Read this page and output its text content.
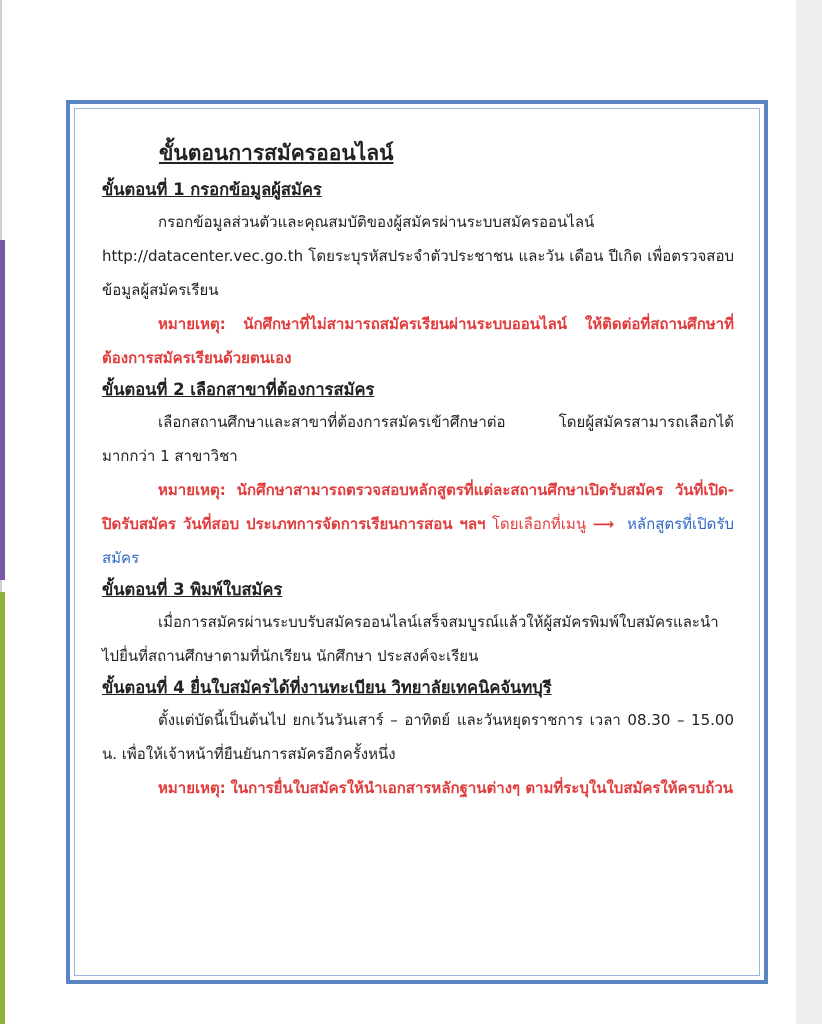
ขั้นตอนการสมัครออนไลน์
ขั้นตอนที่ 1 กรอกข้อมูลผู้สมัคร

กรอกข้อมูลส่วนตัวและคุณสมบัติของผู้สมัครผ่านระบบสมัครออนไลน์ http://datacenter.vec.go.th โดยระบุรหัสประจำตัวประชาชน และวัน เดือน ปีเกิด เพื่อตรวจสอบข้อมูลผู้สมัครเรียน

หมายเหตุ: นักศึกษาที่ไม่สามารถสมัครเรียนผ่านระบบออนไลน์ ให้ติดต่อที่สถานศึกษาที่ต้องการสมัครเรียนด้วยตนเอง

ขั้นตอนที่ 2 เลือกสาขาที่ต้องการสมัคร

เลือกสถานศึกษาและสาขาที่ต้องการสมัครเข้าศึกษาต่อ โดยผู้สมัครสามารถเลือกได้มากกว่า 1 สาขาวิชา

หมายเหตุ: นักศึกษาสามารถตรวจสอบหลักสูตรที่แต่ละสถานศึกษาเปิดรับสมัคร วันที่เปิด-ปิดรับสมัคร วันที่สอบ ประเภทการจัดการเรียนการสอน ฯลฯ โดยเลือกที่เมนู ⟶ หลักสูตรที่เปิดรับสมัคร

ขั้นตอนที่ 3 พิมพ์ใบสมัคร

เมื่อการสมัครผ่านระบบรับสมัครออนไลน์เสร็จสมบูรณ์แล้วให้ผู้สมัครพิมพ์ใบสมัครและนำไปยื่นที่สถานศึกษาตามที่นักเรียน นักศึกษา ประสงค์จะเรียน

ขั้นตอนที่ 4 ยื่นใบสมัครได้ที่งานทะเบียน วิทยาลัยเทคนิคจันทบุรี

ตั้งแต่บัดนี้เป็นต้นไป ยกเว้นวันเสาร์ – อาทิตย์ และวันหยุดราชการ เวลา 08.30 – 15.00 น. เพื่อให้เจ้าหน้าที่ยืนยันการสมัครอีกครั้งหนึ่ง

หมายเหตุ: ในการยื่นใบสมัครให้นำเอกสารหลักฐานต่างๆ ตามที่ระบุในใบสมัครให้ครบถ้วน
